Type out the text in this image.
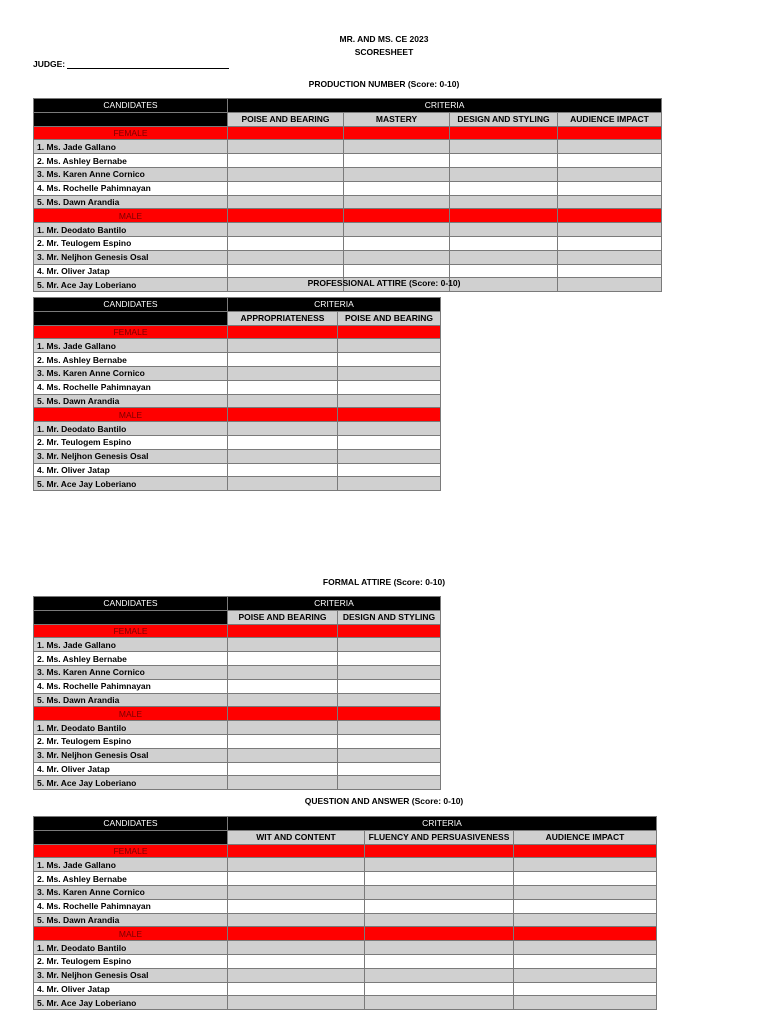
MR. AND MS. CE 2023
SCORESHEET
JUDGE:
PRODUCTION NUMBER (Score: 0-10)
CANDIDATES	CRITERIA			
	POISE AND BEARING	MASTERY	DESIGN AND STYLING	AUDIENCE IMPACT
FEMALE				
1. Ms. Jade Gallano				
2. Ms. Ashley Bernabe				
3. Ms. Karen Anne Cornico				
4. Ms. Rochelle Pahimnayan				
5. Ms. Dawn Arandia				
MALE				
1. Mr. Deodato Bantilo				
2. Mr. Teulogem Espino				
3. Mr. Neljhon Genesis Osal				
4. Mr. Oliver Jatap				
5. Mr. Ace Jay Loberiano					PROFESSIONAL ATTIRE (Score: 0-10)
CANDIDATES	CRITERIA	
	APPROPRIATENESS	POISE AND BEARING
FEMALE		
1. Ms. Jade Gallano		
2. Ms. Ashley Bernabe		
3. Ms. Karen Anne Cornico		
4. Ms. Rochelle Pahimnayan		
5. Ms. Dawn Arandia		
MALE		
1. Mr. Deodato Bantilo		
2. Mr. Teulogem Espino		
3. Mr. Neljhon Genesis Osal		
4. Mr. Oliver Jatap		
5. Mr. Ace Jay Loberiano		
FORMAL ATTIRE (Score: 0-10)
CANDIDATES	CRITERIA	
	POISE AND BEARING	DESIGN AND STYLING
FEMALE		
1. Ms. Jade Gallano		
2. Ms. Ashley Bernabe		
3. Ms. Karen Anne Cornico		
4. Ms. Rochelle Pahimnayan		
5. Ms. Dawn Arandia		
MALE		
1. Mr. Deodato Bantilo		
2. Mr. Teulogem Espino		
3. Mr. Neljhon Genesis Osal		
4. Mr. Oliver Jatap		
5. Mr. Ace Jay Loberiano		
QUESTION AND ANSWER (Score: 0-10)
CANDIDATES	CRITERIA		
	WIT AND CONTENT	FLUENCY AND PERSUASIVENESS	AUDIENCE IMPACT
FEMALE			
1. Ms. Jade Gallano			
2. Ms. Ashley Bernabe			
3. Ms. Karen Anne Cornico			
4. Ms. Rochelle Pahimnayan			
5. Ms. Dawn Arandia			
MALE			
1. Mr. Deodato Bantilo			
2. Mr. Teulogem Espino			
3. Mr. Neljhon Genesis Osal			
4. Mr. Oliver Jatap			
5. Mr. Ace Jay Loberiano			
